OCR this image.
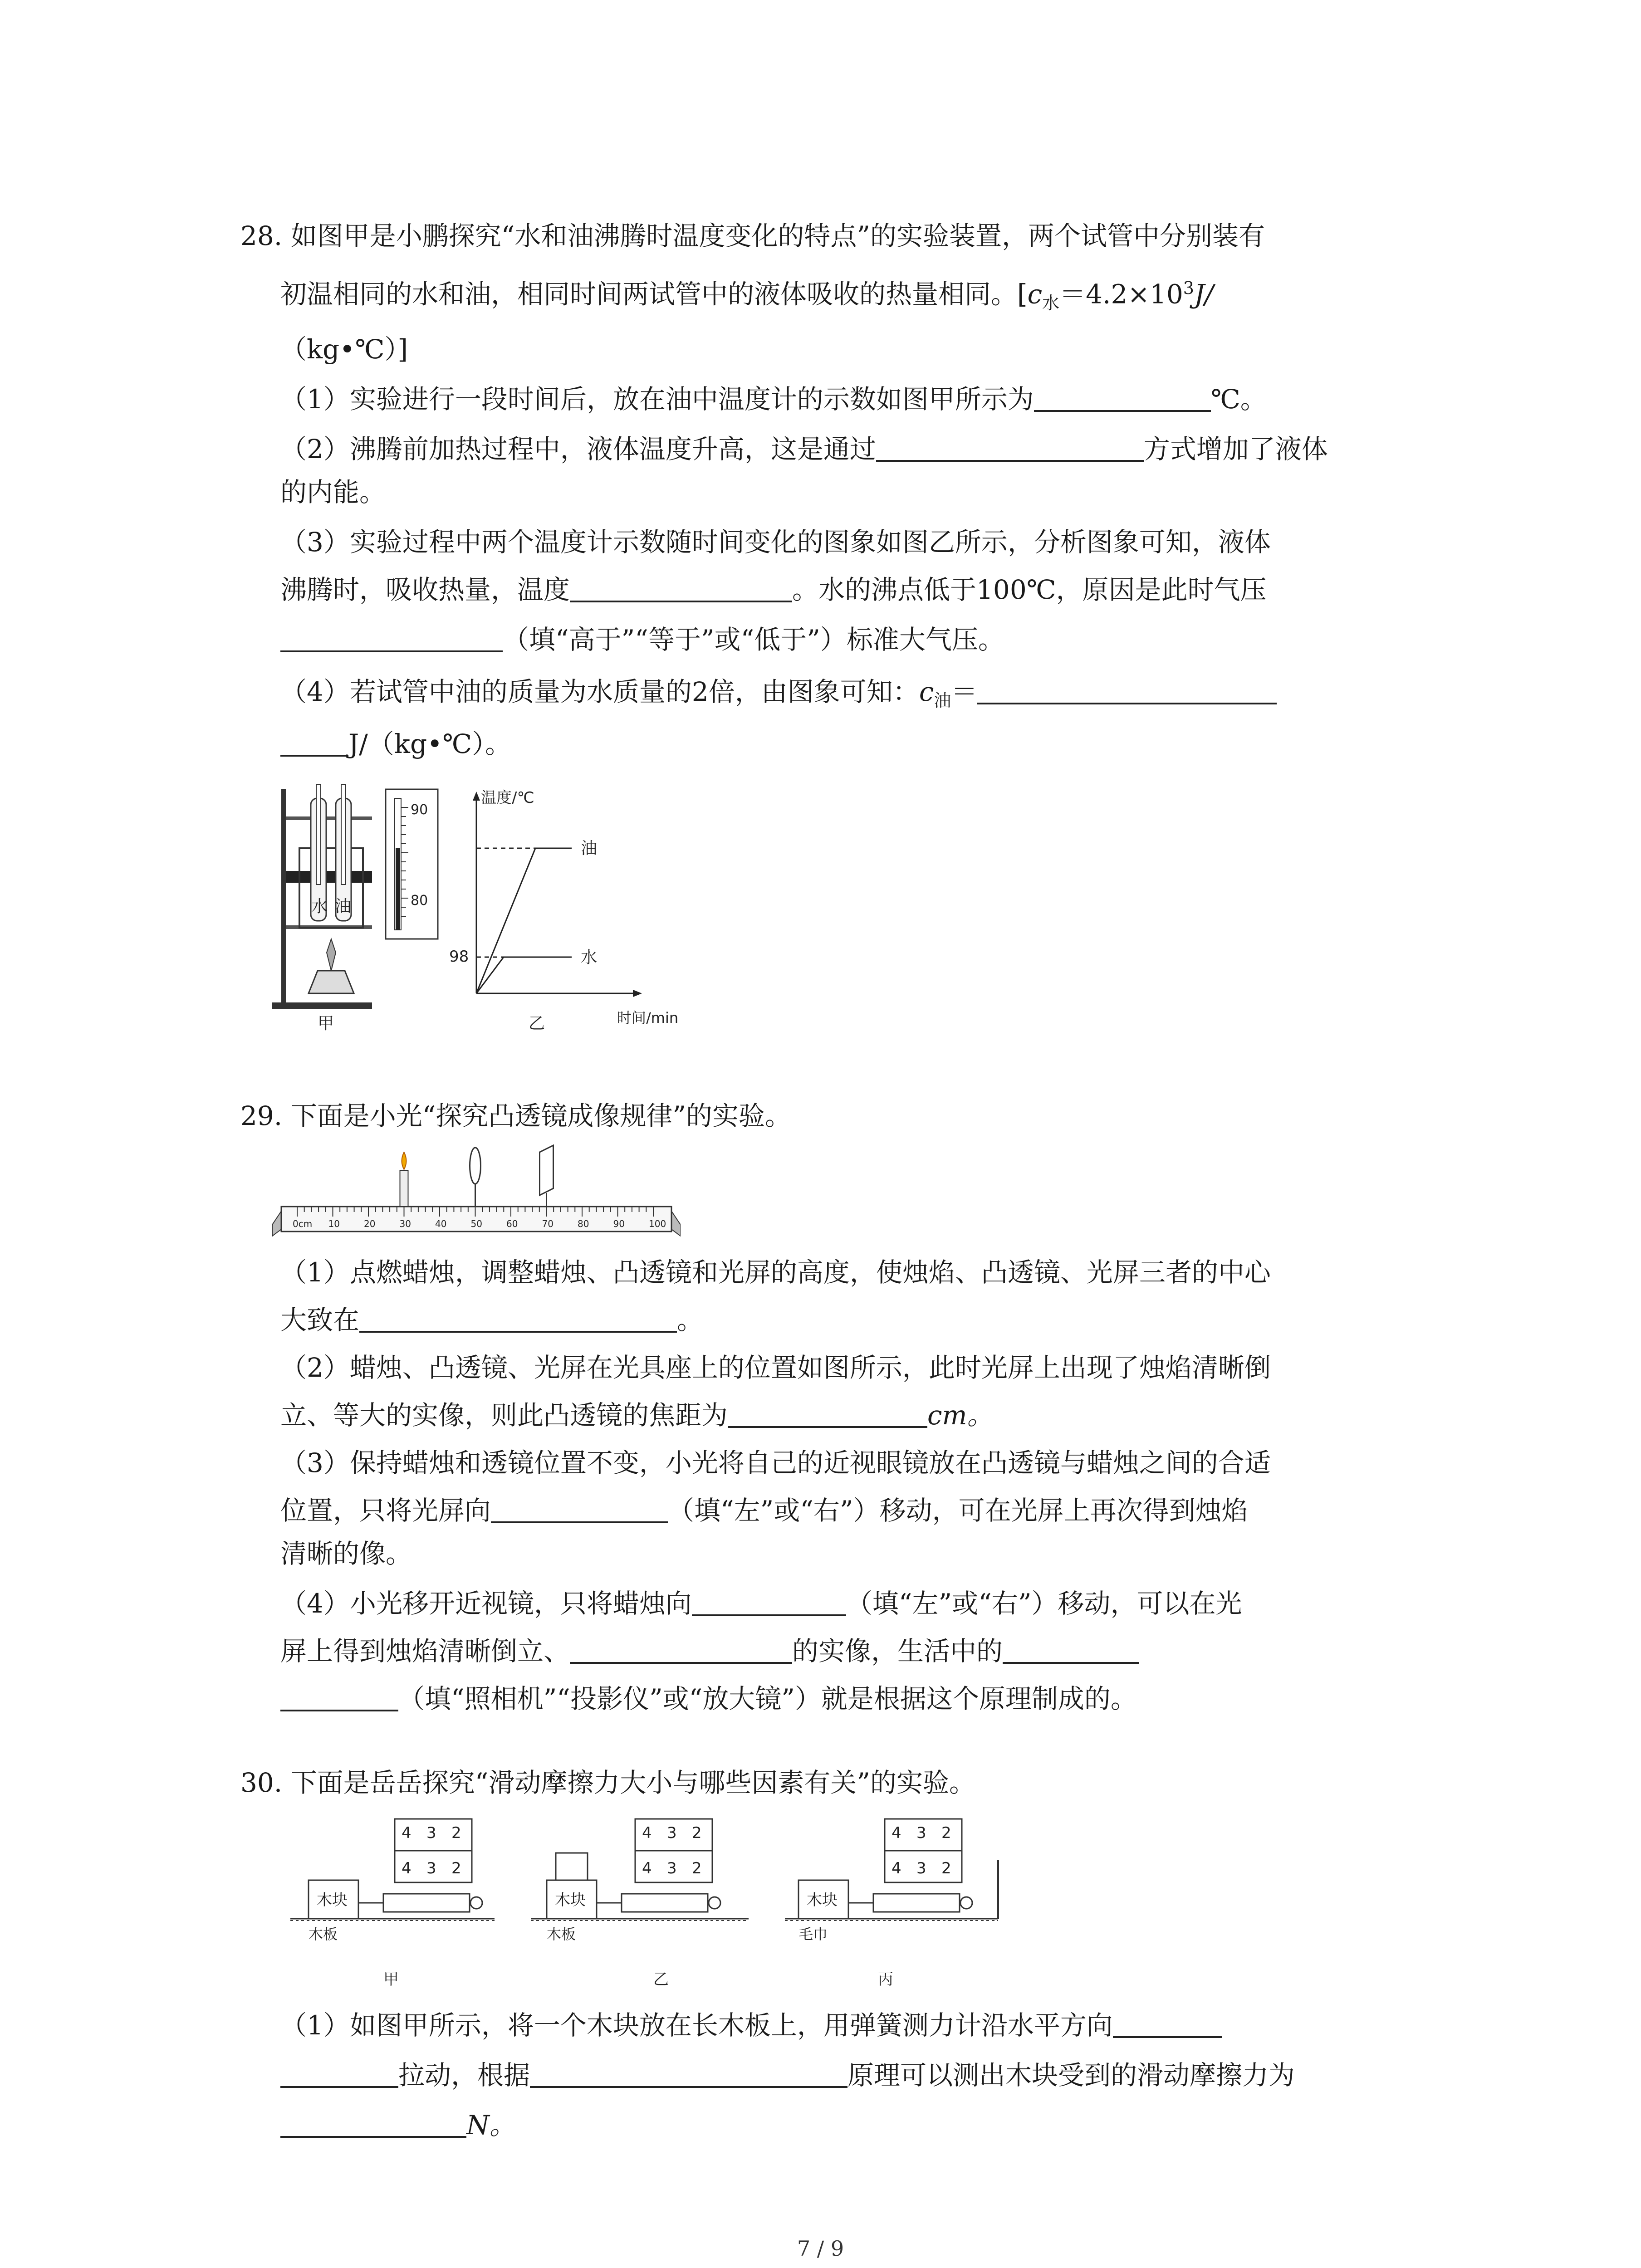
28. 如图甲是小鹏探究“水和油沸腾时温度变化的特点”的实验装置，两个试管中分别装有
初温相同的水和油，相同时间两试管中的液体吸收的热量相同。[$c_水=4.2\times 10^3J/$
（kg•℃）]
（1）实验进行一段时间后，放在油中温度计的示数如图甲所示为	℃。
（2）沸腾前加热过程中，液体温度升高，这是通过	方式增加了液体
的内能。
（3）实验过程中两个温度计示数随时间变化的图象如图乙所示，分析图象可知，液体
沸腾时，吸收热量，温度	。水的沸点低于100℃，原因是此时气压
（填“高于”“等于”或“低于”）标准大气压。
（4）若试管中油的质量为水质量的2倍，由图象可知：$c_油=$
J/（kg•℃）。
水 油
90
80
甲
温度/℃
时间/min
98
油
水
乙
29. 下面是小光“探究凸透镜成像规律”的实验。
0cm 10	20	30	40	50	60	70	80	90	100
（1）点燃蜡烛，调整蜡烛、凸透镜和光屏的高度，使烛焰、凸透镜、光屏三者的中心
大致在	。
（2）蜡烛、凸透镜、光屏在光具座上的位置如图所示，此时光屏上出现了烛焰清晰倒
立、等大的实像，则此凸透镜的焦距为	cm。
（3）保持蜡烛和透镜位置不变，小光将自己的近视眼镜放在凸透镜与蜡烛之间的合适
位置，只将光屏向	（填“左”或“右”）移动，可在光屏上再次得到烛焰
清晰的像。
（4）小光移开近视镜，只将蜡烛向	（填“左”或“右”）移动，可以在光
屏上得到烛焰清晰倒立、	的实像，生活中的
（填“照相机”“投影仪”或“放大镜”）就是根据这个原理制成的。
30. 下面是岳岳探究“滑动摩擦力大小与哪些因素有关”的实验。
木块
木板
4 3 2
4 3 2
甲
木块
木板
4 3 2
4 3 2
乙
木块
毛巾
4 3 2
4 3 2
丙
（1）如图甲所示，将一个木块放在长木板上，用弹簧测力计沿水平方向
拉动，根据	原理可以测出木块受到的滑动摩擦力为
N。
7 / 9
